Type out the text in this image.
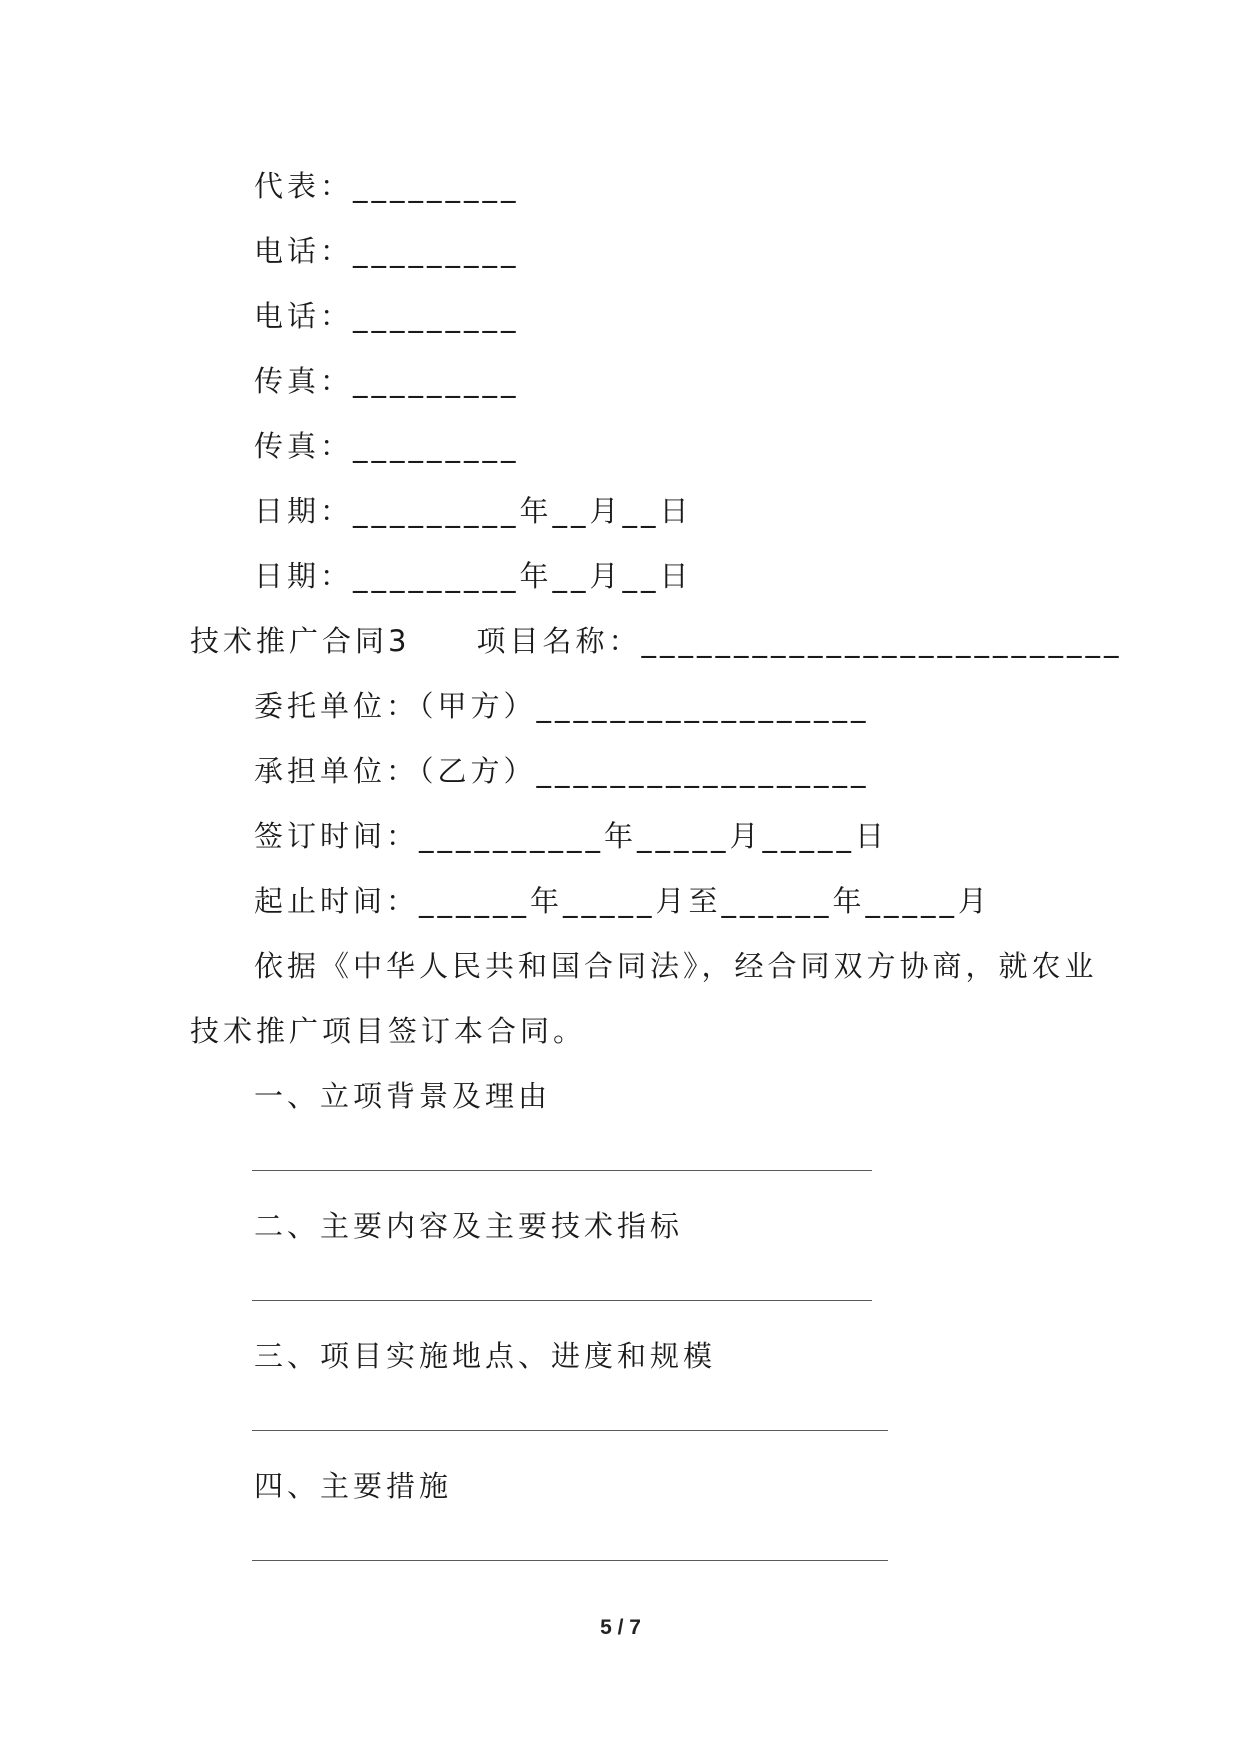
代表：_________
电话：_________
电话：_________
传真：_________
传真：_________
日期：_________年__月__日
日期：_________年__月__日
技术推广合同3　　项目名称：__________________________
委托单位：（甲方）__________________
承担单位：（乙方）__________________
签订时间：__________年_____月_____日
起止时间：______年_____月至______年_____月
依据《中华人民共和国合同法》，经合同双方协商，就农业
技术推广项目签订本合同。
一、立项背景及理由
二、主要内容及主要技术指标
三、项目实施地点、进度和规模
四、主要措施
5 / 7
